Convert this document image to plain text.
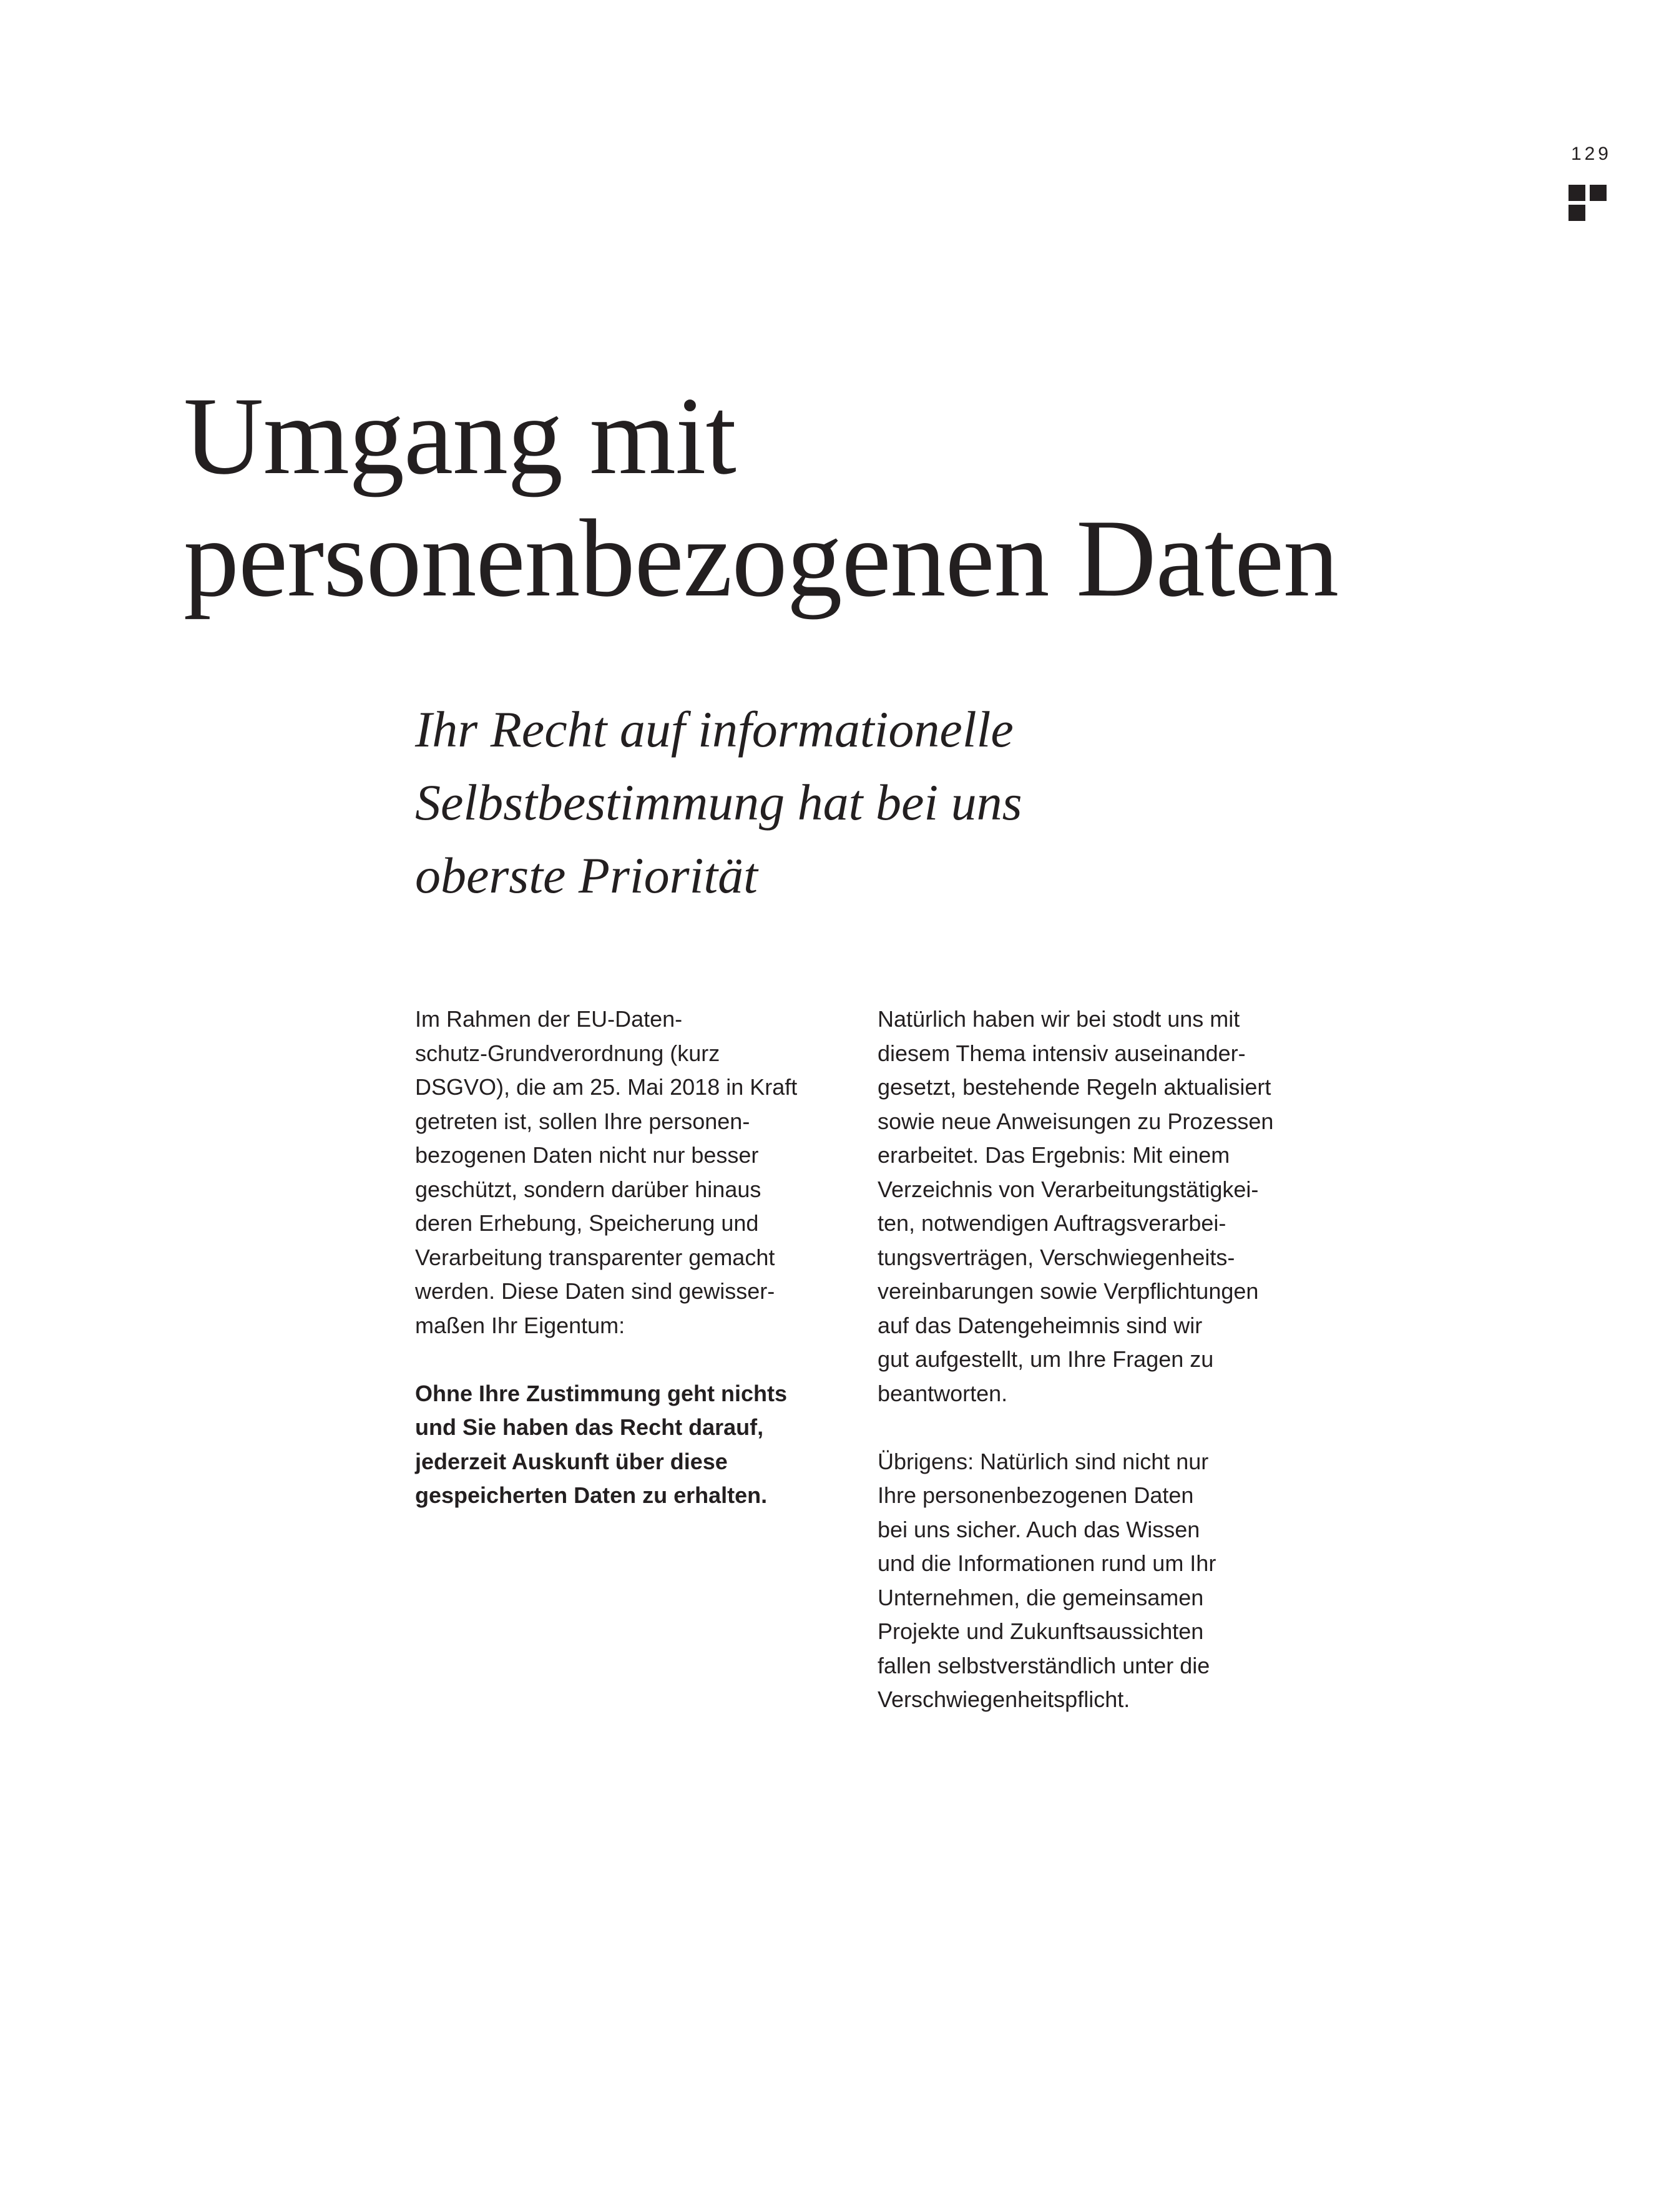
129
Umgang mit
personenbezogenen Daten
Ihr Recht auf informationelle
Selbstbestimmung hat bei uns
oberste Priorität
Im Rahmen der EU-Daten-
schutz-Grundverordnung (kurz
DSGVO), die am 25. Mai 2018 in Kraft
getreten ist, sollen Ihre personen-
bezogenen Daten nicht nur besser
geschützt, sondern darüber hinaus
deren Erhebung, Speicherung und
Verarbeitung transparenter gemacht
werden. Diese Daten sind gewisser-
maßen Ihr Eigentum:
Ohne Ihre Zustimmung geht nichts
und Sie haben das Recht darauf,
jederzeit Auskunft über diese
gespeicherten Daten zu erhalten.
Natürlich haben wir bei stodt uns mit
diesem Thema intensiv auseinander-
gesetzt, bestehende Regeln aktualisiert
sowie neue Anweisungen zu Prozessen
erarbeitet. Das Ergebnis: Mit einem
Verzeichnis von Verarbeitungstätigkei-
ten, notwendigen Auftragsverarbei-
tungsverträgen, Verschwiegenheits-
vereinbarungen sowie Verpflichtungen
auf das Datengeheimnis sind wir
gut aufgestellt, um Ihre Fragen zu
beantworten.
Übrigens: Natürlich sind nicht nur
Ihre personenbezogenen Daten
bei uns sicher. Auch das Wissen
und die Informationen rund um Ihr
Unternehmen, die gemeinsamen
Projekte und Zukunftsaussichten
fallen selbstverständlich unter die
Verschwiegenheitspflicht.
